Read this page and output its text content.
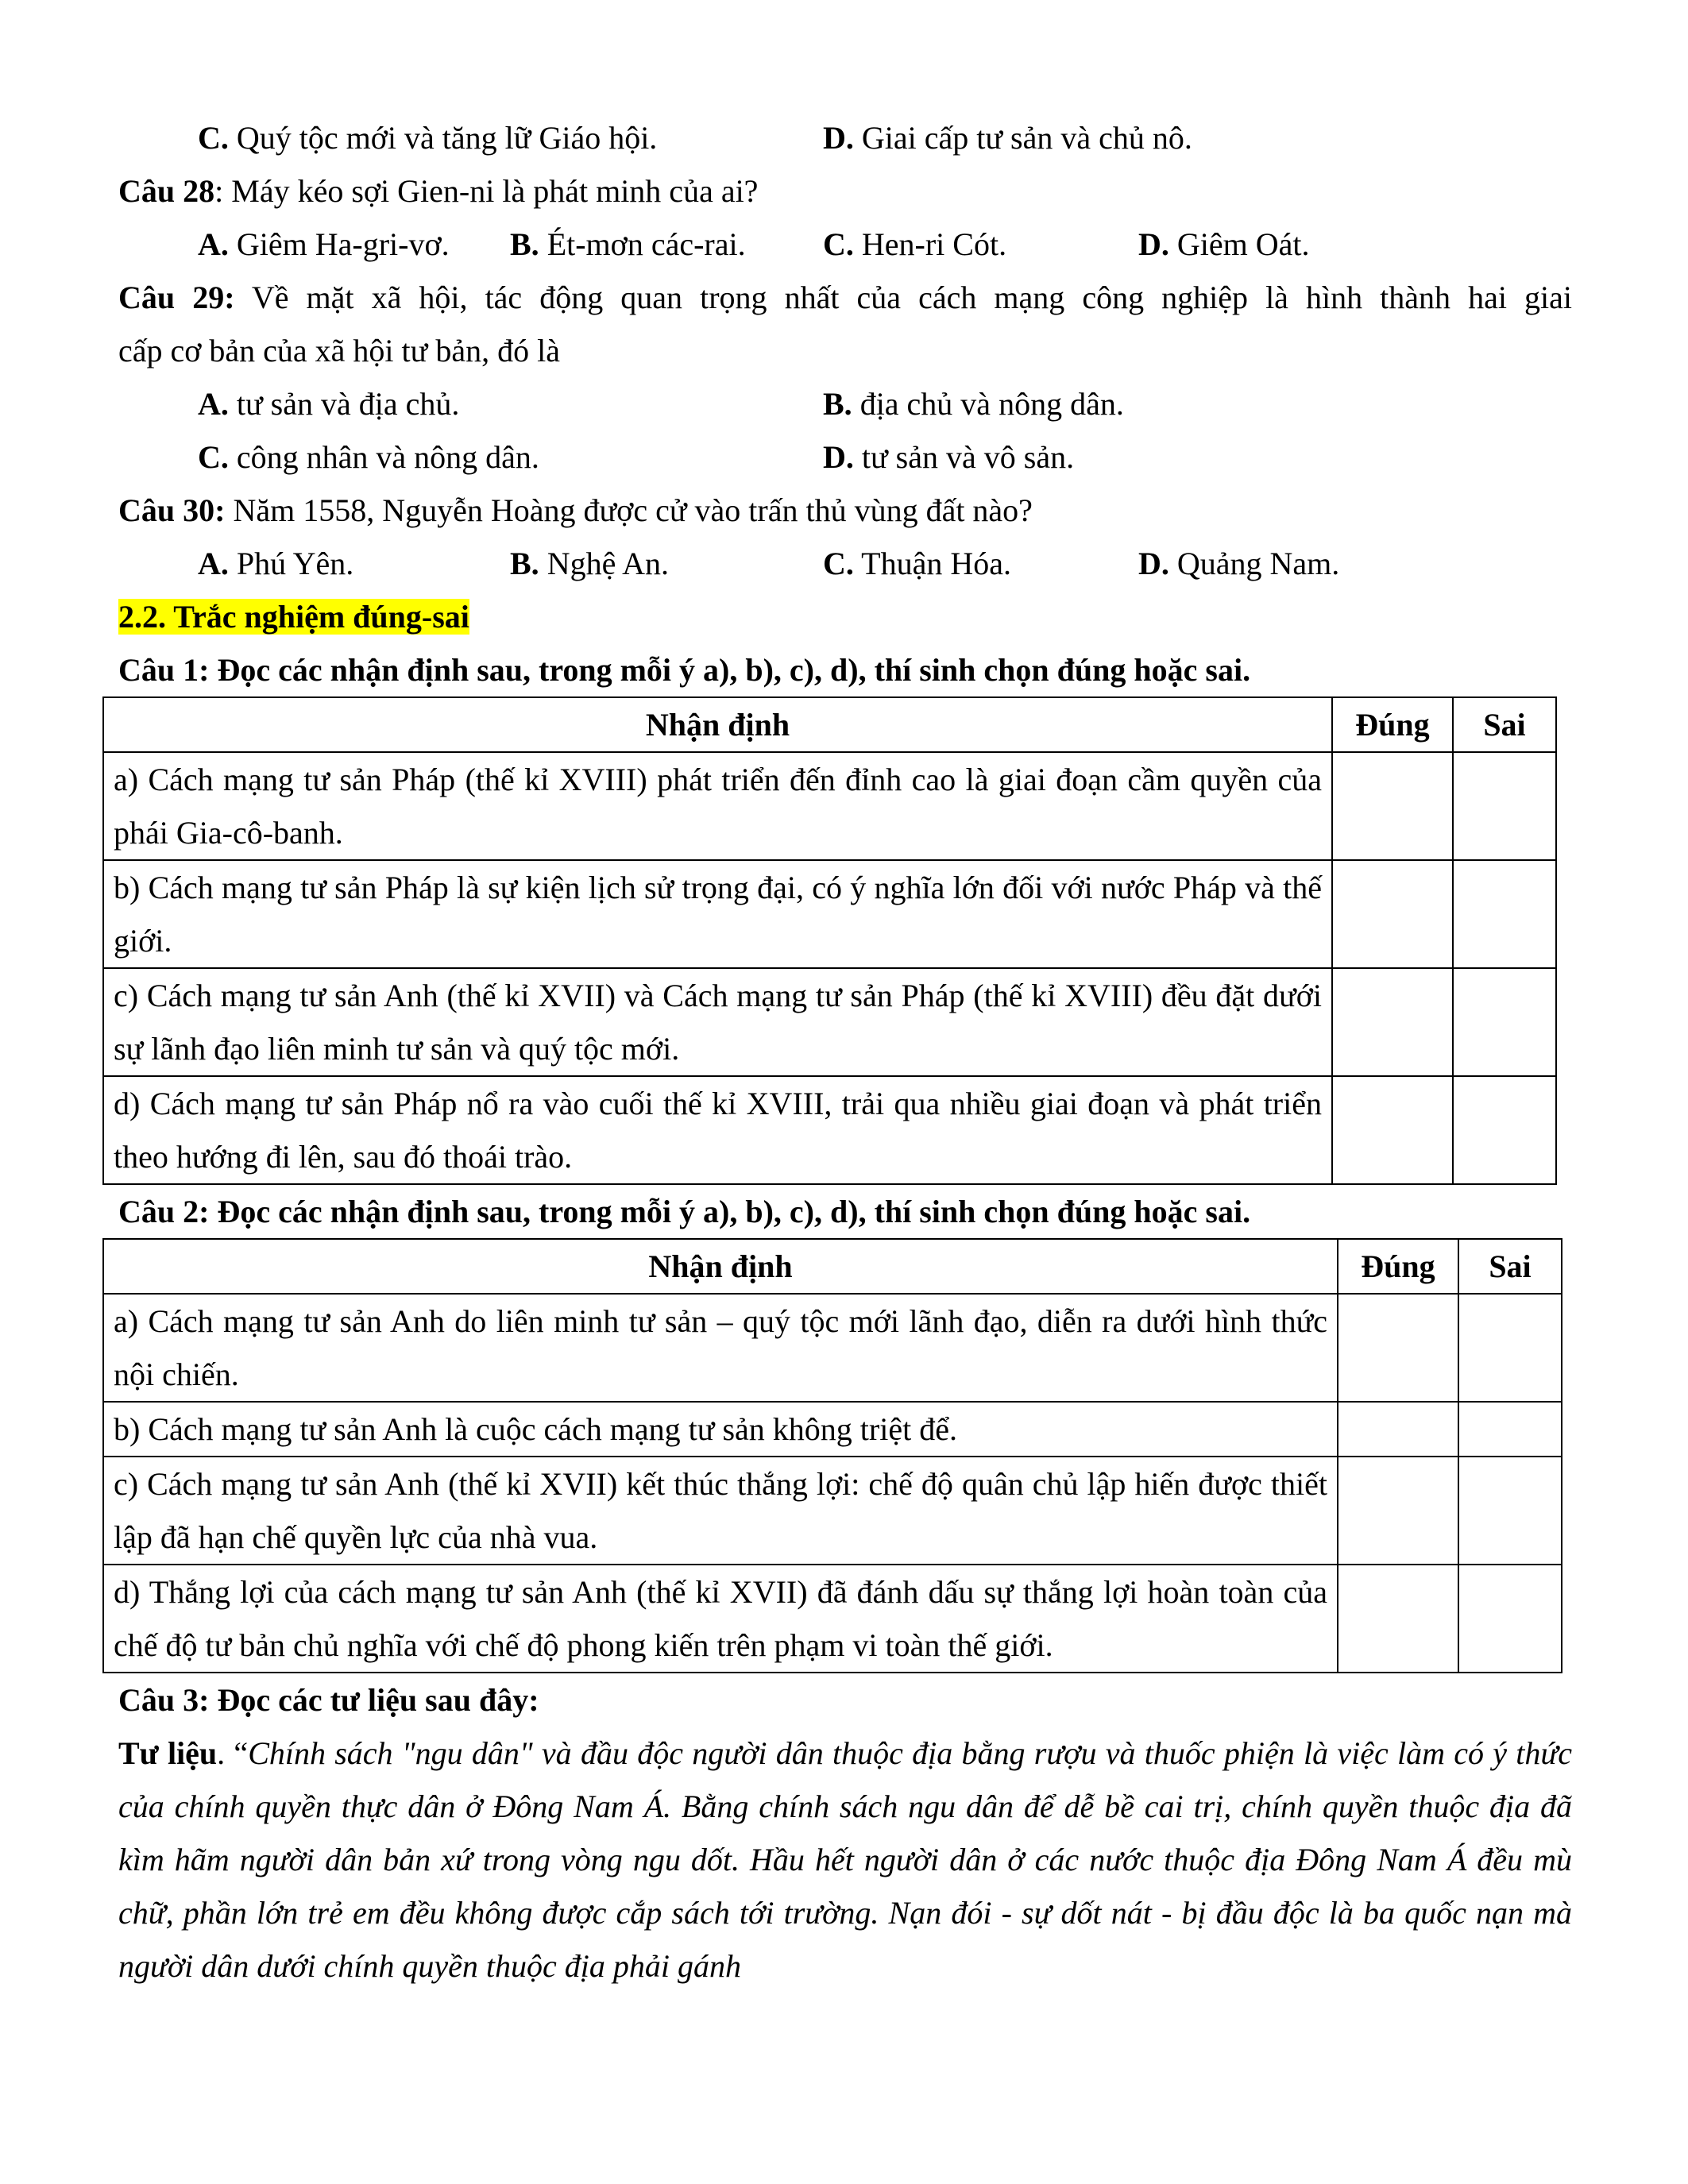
C. Quý tộc mới và tăng lữ Giáo hội.	D. Giai cấp tư sản và chủ nô.
Câu 28: Máy kéo sợi Gien-ni là phát minh của ai?
A. Giêm Ha-gri-vơ. B. Ét-mơn các-rai. C. Hen-ri Cót.	D. Giêm Oát.
Câu 29: Về mặt xã hội, tác động quan trọng nhất của cách mạng công nghiệp là hình thành hai giai
cấp cơ bản của xã hội tư bản, đó là
A. tư sản và địa chủ.	B. địa chủ và nông dân.
C. công nhân và nông dân.	D. tư sản và vô sản.
Câu 30: Năm 1558, Nguyễn Hoàng được cử vào trấn thủ vùng đất nào?
A. Phú Yên.	B. Nghệ An.	C. Thuận Hóa.	D. Quảng Nam.
2.2. Trắc nghiệm đúng-sai
Câu 1: Đọc các nhận định sau, trong mỗi ý a), b), c), d), thí sinh chọn đúng hoặc sai.
Nhận định	Đúng	Sai
a) Cách mạng tư sản Pháp (thế kỉ XVIII) phát triển đến đỉnh cao là giai đoạn cầm quyền của phái Gia-cô-banh.		
b) Cách mạng tư sản Pháp là sự kiện lịch sử trọng đại, có ý nghĩa lớn đối với nước Pháp và thế giới.		
c) Cách mạng tư sản Anh (thế kỉ XVII) và Cách mạng tư sản Pháp (thế kỉ XVIII) đều đặt dưới sự lãnh đạo liên minh tư sản và quý tộc mới.		
d) Cách mạng tư sản Pháp nổ ra vào cuối thế kỉ XVIII, trải qua nhiều giai đoạn và phát triển theo hướng đi lên, sau đó thoái trào.		
Câu 2: Đọc các nhận định sau, trong mỗi ý a), b), c), d), thí sinh chọn đúng hoặc sai.
Nhận định	Đúng	Sai
a) Cách mạng tư sản Anh do liên minh tư sản – quý tộc mới lãnh đạo, diễn ra dưới hình thức nội chiến.		
b) Cách mạng tư sản Anh là cuộc cách mạng tư sản không triệt để.		
c) Cách mạng tư sản Anh (thế kỉ XVII) kết thúc thắng lợi: chế độ quân chủ lập hiến được thiết lập đã hạn chế quyền lực của nhà vua.		
d) Thắng lợi của cách mạng tư sản Anh (thế kỉ XVII) đã đánh dấu sự thắng lợi hoàn toàn của chế độ tư bản chủ nghĩa với chế độ phong kiến trên phạm vi toàn thế giới.		
Câu 3: Đọc các tư liệu sau đây:
Tư liệu. “Chính sách "ngu dân" và đầu độc người dân thuộc địa bằng rượu và thuốc phiện là việc làm có ý thức của chính quyền thực dân ở Đông Nam Á. Bằng chính sách ngu dân để dễ bề cai trị, chính quyền thuộc địa đã kìm hãm người dân bản xứ trong vòng ngu dốt. Hầu hết người dân ở các nước thuộc địa Đông Nam Á đều mù chữ, phần lớn trẻ em đều không được cắp sách tới trường. Nạn đói - sự dốt nát - bị đầu độc là ba quốc nạn mà người dân dưới chính quyền thuộc địa phải gánh
